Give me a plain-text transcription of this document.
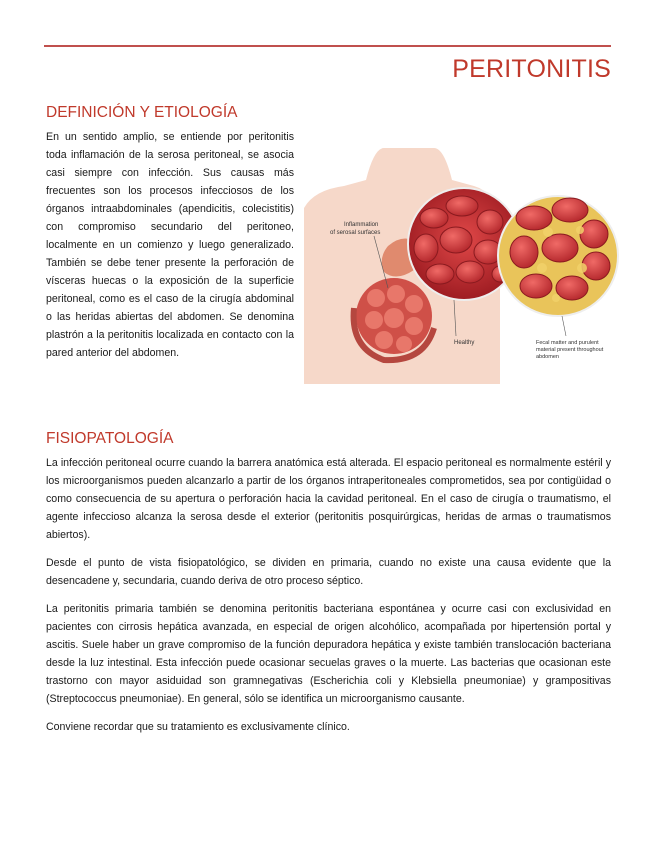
PERITONITIS
DEFINICIÓN Y ETIOLOGÍA

En un sentido amplio, se entiende por peritonitis toda inflamación de la serosa peritoneal, se asocia casi siempre con infección. Sus causas más frecuentes son los procesos infecciosos de los órganos intraabdominales (apendicitis, colecistitis) con compromiso secundario del peritoneo, localmente en un comienzo y luego generalizado. También se debe tener presente la perforación de vísceras huecas o la exposición de la superficie peritoneal, como es el caso de la cirugía abdominal o las heridas abiertas del abdomen. Se denomina plastrón a la peritonitis localizada en contacto con la pared anterior del abdomen.

Inflammation
of serosal surfaces
Healthy	Fecal matter and purulent
material present throughout
abdomen
FISIOPATOLOGÍA

La infección peritoneal ocurre cuando la barrera anatómica está alterada. El espacio peritoneal es normalmente estéril y los microorganismos pueden alcanzarlo a partir de los órganos intraperitoneales comprometidos, sea por contigüidad o como consecuencia de su apertura o perforación hacia la cavidad peritoneal. En el caso de cirugía o traumatismo, el agente infeccioso alcanza la serosa desde el exterior (peritonitis posquirúrgicas, heridas de armas o traumatismos abiertos).

Desde el punto de vista fisiopatológico, se dividen en primaria, cuando no existe una causa evidente que la desencadene y, secundaria, cuando deriva de otro proceso séptico.

La peritonitis primaria también se denomina peritonitis bacteriana espontánea y ocurre casi con exclusividad en pacientes con cirrosis hepática avanzada, en especial de origen alcohólico, acompañada por hipertensión portal y ascitis. Suele haber un grave compromiso de la función depuradora hepática y existe también translocación bacteriana desde la luz intestinal. Esta infección puede ocasionar secuelas graves o la muerte. Las bacterias que ocasionan este trastorno con mayor asiduidad son gramnegativas (Escherichia coli y Klebsiella pneumoniae) y grampositivas (Streptococcus pneumoniae). En general, sólo se identifica un microorganismo causante.

Conviene recordar que su tratamiento es exclusivamente clínico.
